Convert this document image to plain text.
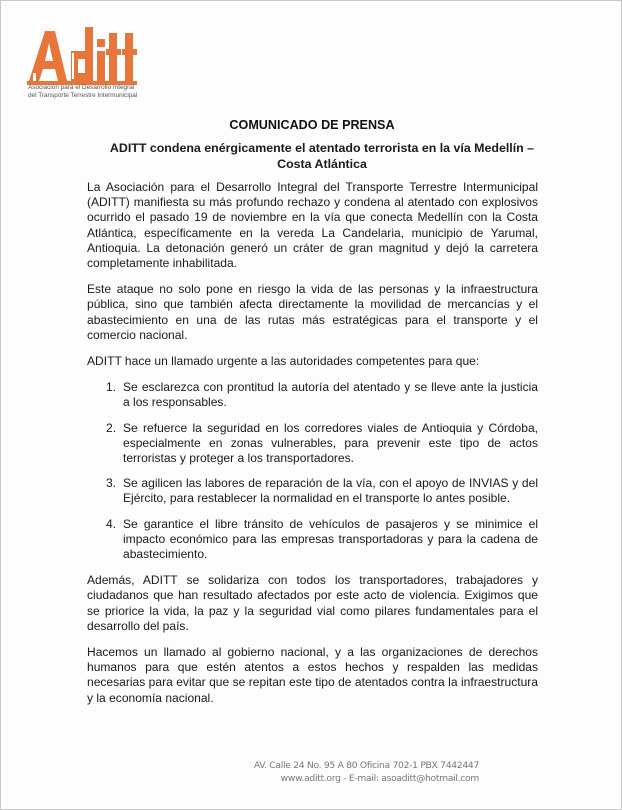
Asociación para el Desarrollo Integral
del Transporte Terrestre Intermunicipal
COMUNICADO DE PRENSA
ADITT condena enérgicamente el atentado terrorista en la vía Medellín – Costa Atlántica

La Asociación para el Desarrollo Integral del Transporte Terrestre Intermunicipal (ADITT) manifiesta su más profundo rechazo y condena al atentado con explosivos ocurrido el pasado 19 de noviembre en la vía que conecta Medellín con la Costa Atlántica, específicamente en la vereda La Candelaria, municipio de Yarumal, Antioquia. La detonación generó un cráter de gran magnitud y dejó la carretera completamente inhabilitada.

Este ataque no solo pone en riesgo la vida de las personas y la infraestructura pública, sino que también afecta directamente la movilidad de mercancías y el abastecimiento en una de las rutas más estratégicas para el transporte y el comercio nacional.

ADITT hace un llamado urgente a las autoridades competentes para que:

1. Se esclarezca con prontitud la autoría del atentado y se lleve ante la justicia a los responsables.
2. Se refuerce la seguridad en los corredores viales de Antioquia y Córdoba, especialmente en zonas vulnerables, para prevenir este tipo de actos terroristas y proteger a los transportadores.
3. Se agilicen las labores de reparación de la vía, con el apoyo de INVIAS y del Ejército, para restablecer la normalidad en el transporte lo antes posible.
4. Se garantice el libre tránsito de vehículos de pasajeros y se minimice el impacto económico para las empresas transportadoras y para la cadena de abastecimiento.

Además, ADITT se solidariza con todos los transportadores, trabajadores y ciudadanos que han resultado afectados por este acto de violencia. Exigimos que se priorice la vida, la paz y la seguridad vial como pilares fundamentales para el desarrollo del país.

Hacemos un llamado al gobierno nacional, y a las organizaciones de derechos humanos para que estén atentos a estos hechos y respalden las medidas necesarias para evitar que se repitan este tipo de atentados contra la infraestructura y la economía nacional.

AV. Calle 24 No. 95 A 80 Oficina 702-1 PBX 7442447
www.aditt.org - E-mail: asoaditt@hotmail.com
